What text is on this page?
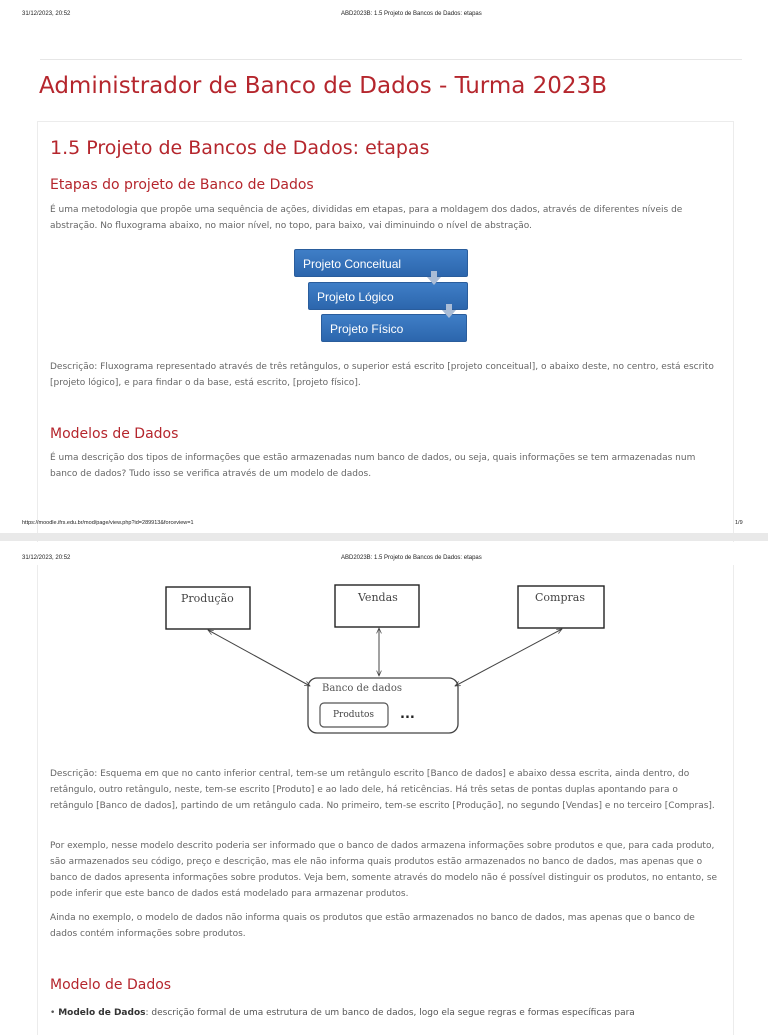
31/12/2023, 20:52	ABD2023B: 1.5 Projeto de Bancos de Dados: etapas
Administrador de Banco de Dados - Turma 2023B
1.5 Projeto de Bancos de Dados: etapas
Etapas do projeto de Banco de Dados
É uma metodologia que propõe uma sequência de ações, divididas em etapas, para a moldagem dos dados, através de diferentes níveis de abstração. No fluxograma abaixo, no maior nível, no topo, para baixo, vai diminuindo o nível de abstração.
Projeto Conceitual
Projeto Lógico
Projeto Físico
Descrição: Fluxograma representado através de três retângulos, o superior está escrito [projeto conceitual], o abaixo deste, no centro, está escrito [projeto lógico], e para findar o da base, está escrito, [projeto físico].
Modelos de Dados
É uma descrição dos tipos de informações que estão armazenadas num banco de dados, ou seja, quais informações se tem armazenadas num banco de dados? Tudo isso se verifica através de um modelo de dados.
https://moodle.ifrs.edu.br/mod/page/view.php?id=289913&forceview=1	1/9
31/12/2023, 20:52	ABD2023B: 1.5 Projeto de Bancos de Dados: etapas
Produção	Vendas	Compras
Banco de dados
Produtos ...
Descrição: Esquema em que no canto inferior central, tem-se um retângulo escrito [Banco de dados] e abaixo dessa escrita, ainda dentro, do retângulo, outro retângulo, neste, tem-se escrito [Produto] e ao lado dele, há reticências. Há três setas de pontas duplas apontando para o retângulo [Banco de dados], partindo de um retângulo cada. No primeiro, tem-se escrito [Produção], no segundo [Vendas] e no terceiro [Compras].
Por exemplo, nesse modelo descrito poderia ser informado que o banco de dados armazena informações sobre produtos e que, para cada produto, são armazenados seu código, preço e descrição, mas ele não informa quais produtos estão armazenados no banco de dados, mas apenas que o banco de dados apresenta informações sobre produtos. Veja bem, somente através do modelo não é possível distinguir os produtos, no entanto, se pode inferir que este banco de dados está modelado para armazenar produtos.
Ainda no exemplo, o modelo de dados não informa quais os produtos que estão armazenados no banco de dados, mas apenas que o banco de dados contém informações sobre produtos.
Modelo de Dados
• Modelo de Dados: descrição formal de uma estrutura de um banco de dados, logo ela segue regras e formas específicas para
